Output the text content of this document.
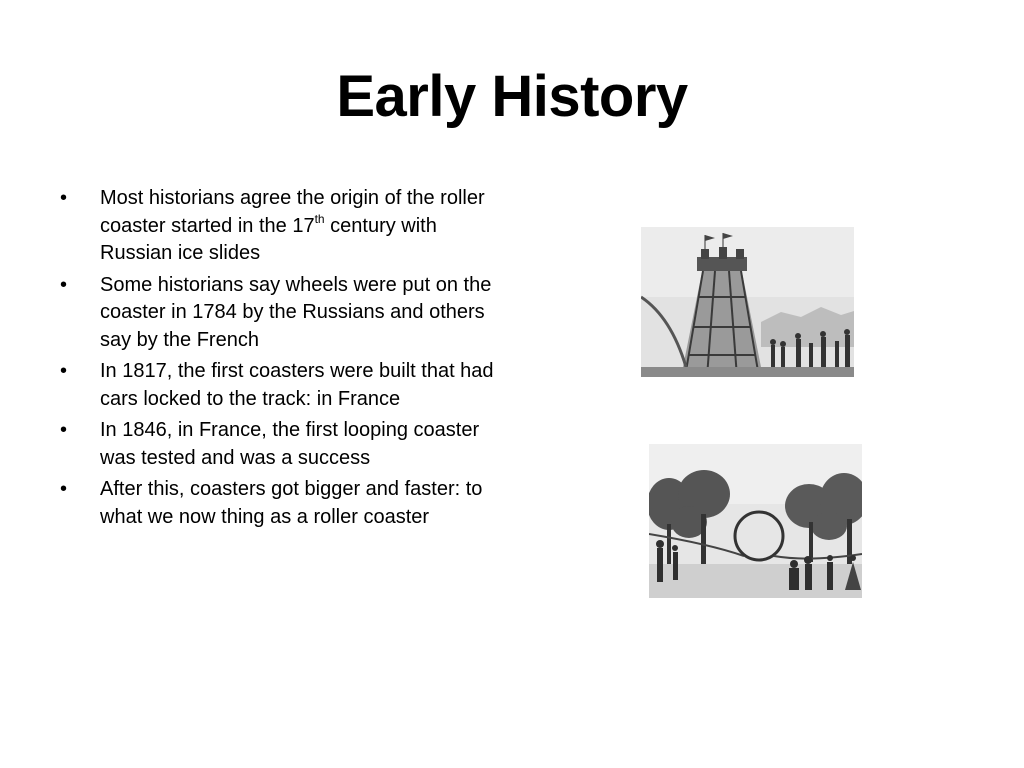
Early History
• Most historians agree the origin of the roller coaster started in the 17th century with Russian ice slides
• Some historians say wheels were put on the coaster in 1784 by the Russians and others say by the French
• In 1817, the first coasters were built that had cars locked to the track: in France
• In 1846, in France, the first looping coaster was tested and was a success
• After this, coasters got bigger and faster: to what we now thing as a roller coaster
